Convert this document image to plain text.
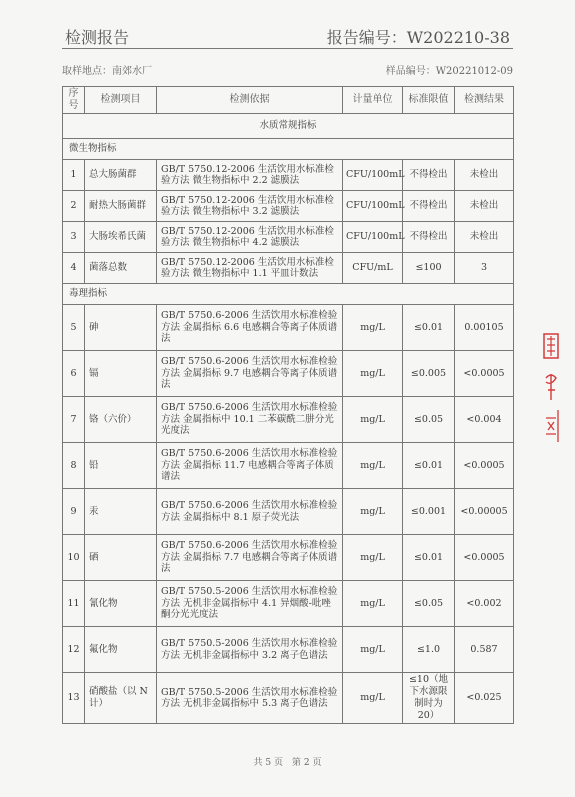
检测报告	报告编号：W202210-38
取样地点：南郊水厂	样品编号：W20221012-09
序号	检测项目	检测依据	计量单位	标准限值	检测结果
水质常规指标					
微生物指标					
1	总大肠菌群	GB/T 5750.12-2006 生活饮用水标准检验方法 微生物指标中 2.2 滤膜法	CFU/100mL	不得检出	未检出
2	耐热大肠菌群	GB/T 5750.12-2006 生活饮用水标准检验方法 微生物指标中 3.2 滤膜法	CFU/100mL	不得检出	未检出
3	大肠埃希氏菌	GB/T 5750.12-2006 生活饮用水标准检验方法 微生物指标中 4.2 滤膜法	CFU/100mL	不得检出	未检出
4	菌落总数	GB/T 5750.12-2006 生活饮用水标准检验方法 微生物指标中 1.1 平皿计数法	CFU/mL	≤100	3
毒理指标					
5	砷	GB/T 5750.6-2006 生活饮用水标准检验方法 金属指标 6.6 电感耦合等离子体质谱法	mg/L	≤0.01	0.00105
6	镉	GB/T 5750.6-2006 生活饮用水标准检验方法 金属指标 9.7 电感耦合等离子体质谱法	mg/L	≤0.005	<0.0005
7	铬（六价）	GB/T 5750.6-2006 生活饮用水标准检验方法 金属指标中 10.1 二苯碳酰二肼分光光度法	mg/L	≤0.05	<0.004
8	铅	GB/T 5750.6-2006 生活饮用水标准检验方法 金属指标 11.7 电感耦合等离子体质谱法	mg/L	≤0.01	<0.0005
9	汞	GB/T 5750.6-2006 生活饮用水标准检验方法 金属指标中 8.1 原子荧光法	mg/L	≤0.001	<0.00005
10	硒	GB/T 5750.6-2006 生活饮用水标准检验方法 金属指标 7.7 电感耦合等离子体质谱法	mg/L	≤0.01	<0.0005
11	氰化物	GB/T 5750.5-2006 生活饮用水标准检验方法 无机非金属指标中 4.1 异烟酸-吡唑酮分光光度法	mg/L	≤0.05	<0.002
12	氟化物	GB/T 5750.5-2006 生活饮用水标准检验方法 无机非金属指标中 3.2 离子色谱法	mg/L	≤1.0	0.587
13	硝酸盐（以 N 计）	GB/T 5750.5-2006 生活饮用水标准检验方法 无机非金属指标中 5.3 离子色谱法	mg/L	≤10（地下水源限制时为 20）	<0.025
共 5 页　第 2 页
